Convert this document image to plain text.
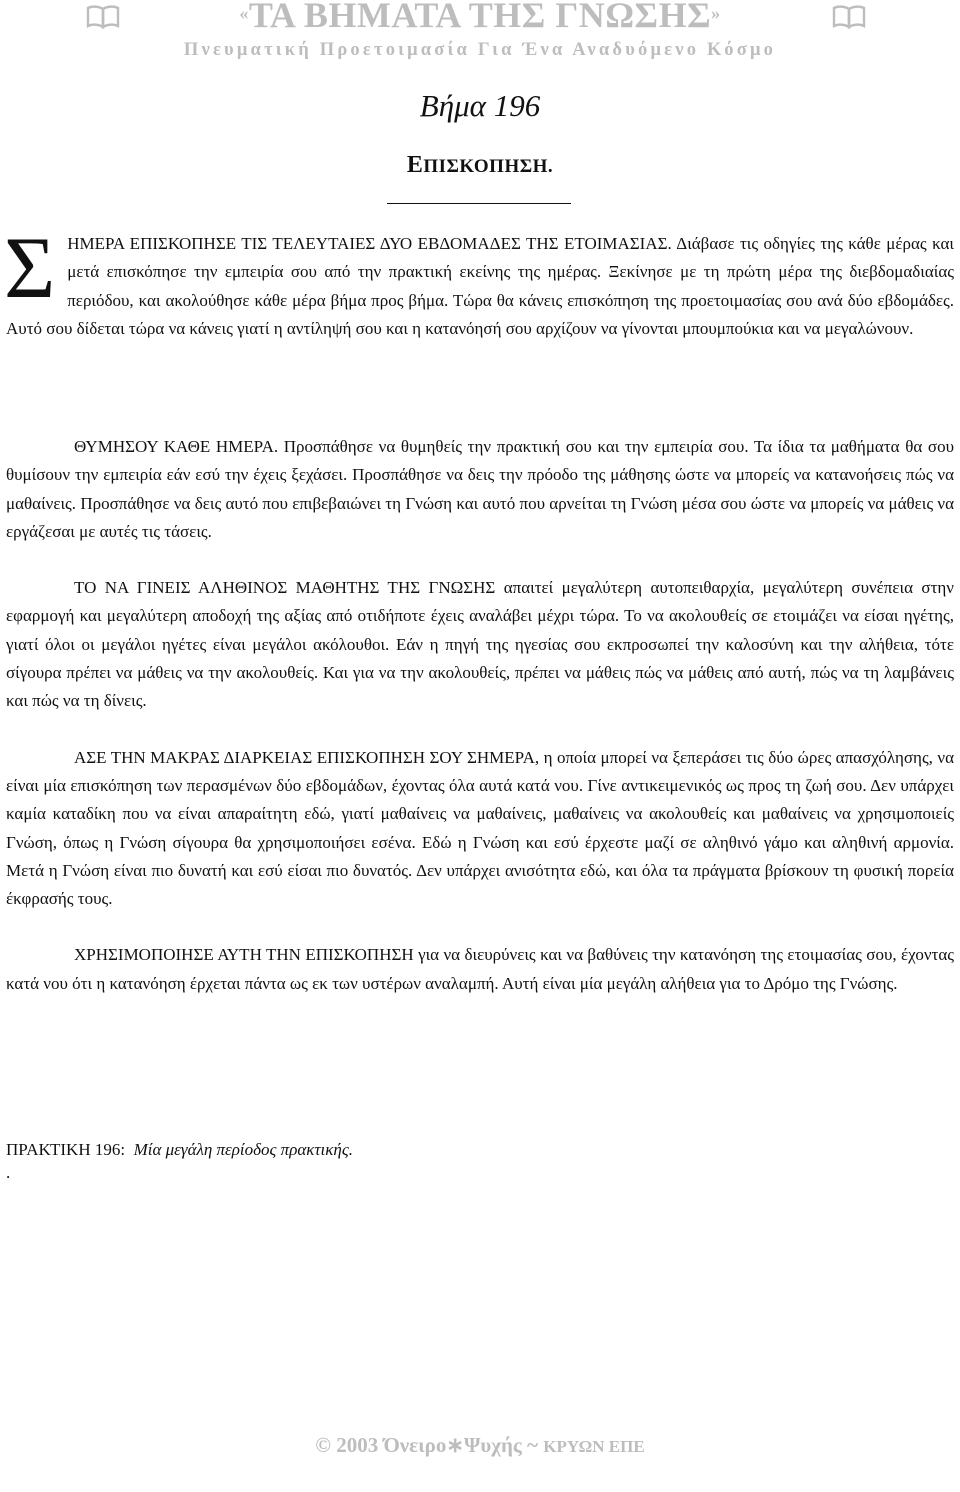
«ΤΑ ΒΗΜΑΤΑ ΤΗΣ ΓΝΩΣΗΣ»
Πνευματική Προετοιμασία Για Ένα Αναδυόμενο Κόσμο
Βήμα 196
ΕΠΙΣΚΟΠΗΣΗ.
Σ ΗΜΕΡΑ ΕΠΙΣΚΟΠΗΣΕ ΤΙΣ ΤΕΛΕΥΤΑΙΕΣ ΔΥΟ ΕΒΔΟΜΑΔΕΣ ΤΗΣ ΕΤΟΙΜΑΣΙΑΣ. Διάβασε τις οδηγίες της κάθε μέρας και μετά επισκόπησε την εμπειρία σου από την πρακτική εκείνης της ημέρας. Ξεκίνησε με τη πρώτη μέρα της διεβδομαδιαίας περιόδου, και ακολούθησε κάθε μέρα βήμα προς βήμα. Τώρα θα κάνεις επισκόπηση της προετοιμασίας σου ανά δύο εβδομάδες. Αυτό σου δίδεται τώρα να κάνεις γιατί η αντίληψή σου και η κατανόησή σου αρχίζουν να γίνονται μπουμπούκια και να μεγαλώνουν.

ΘΥΜΗΣΟΥ ΚΑΘΕ ΗΜΕΡΑ. Προσπάθησε να θυμηθείς την πρακτική σου και την εμπειρία σου. Τα ίδια τα μαθήματα θα σου θυμίσουν την εμπειρία εάν εσύ την έχεις ξεχάσει. Προσπάθησε να δεις την πρόοδο της μάθησης ώστε να μπορείς να κατανοήσεις πώς να μαθαίνεις. Προσπάθησε να δεις αυτό που επιβεβαιώνει τη Γνώση και αυτό που αρνείται τη Γνώση μέσα σου ώστε να μπορείς να μάθεις να εργάζεσαι με αυτές τις τάσεις.

ΤΟ ΝΑ ΓΙΝΕΙΣ ΑΛΗΘΙΝΟΣ ΜΑΘΗΤΗΣ ΤΗΣ ΓΝΩΣΗΣ απαιτεί μεγαλύτερη αυτοπειθαρχία, μεγαλύτερη συνέπεια στην εφαρμογή και μεγαλύτερη αποδοχή της αξίας από οτιδήποτε έχεις αναλάβει μέχρι τώρα. Το να ακολουθείς σε ετοιμάζει να είσαι ηγέτης, γιατί όλοι οι μεγάλοι ηγέτες είναι μεγάλοι ακόλουθοι. Εάν η πηγή της ηγεσίας σου εκπροσωπεί την καλοσύνη και την αλήθεια, τότε σίγουρα πρέπει να μάθεις να την ακολουθείς. Και για να την ακολουθείς, πρέπει να μάθεις πώς να μάθεις από αυτή, πώς να τη λαμβάνεις και πώς να τη δίνεις.

ΑΣΕ ΤΗΝ ΜΑΚΡΑΣ ΔΙΑΡΚΕΙΑΣ ΕΠΙΣΚΟΠΗΣΗ ΣΟΥ ΣΗΜΕΡΑ, η οποία μπορεί να ξεπεράσει τις δύο ώρες απασχόλησης, να είναι μία επισκόπηση των περασμένων δύο εβδομάδων, έχοντας όλα αυτά κατά νου. Γίνε αντικειμενικός ως προς τη ζωή σου. Δεν υπάρχει καμία καταδίκη που να είναι απαραίτητη εδώ, γιατί μαθαίνεις να μαθαίνεις, μαθαίνεις να ακολουθείς και μαθαίνεις να χρησιμοποιείς Γνώση, όπως η Γνώση σίγουρα θα χρησιμοποιήσει εσένα. Εδώ η Γνώση και εσύ έρχεστε μαζί σε αληθινό γάμο και αληθινή αρμονία. Μετά η Γνώση είναι πιο δυνατή και εσύ είσαι πιο δυνατός. Δεν υπάρχει ανισότητα εδώ, και όλα τα πράγματα βρίσκουν τη φυσική πορεία έκφρασής τους.

ΧΡΗΣΙΜΟΠΟΙΗΣΕ ΑΥΤΗ ΤΗΝ ΕΠΙΣΚΟΠΗΣΗ για να διευρύνεις και να βαθύνεις την κατανόηση της ετοιμασίας σου, έχοντας κατά νου ότι η κατανόηση έρχεται πάντα ως εκ των υστέρων αναλαμπή. Αυτή είναι μία μεγάλη αλήθεια για το Δρόμο της Γνώσης.

ΠΡΑΚΤΙΚΗ 196: Μία μεγάλη περίοδος πρακτικής.
.
© 2003 Όνειρο∗Ψυχής ~ ΚΡΥΩΝ ΕΠΕ
